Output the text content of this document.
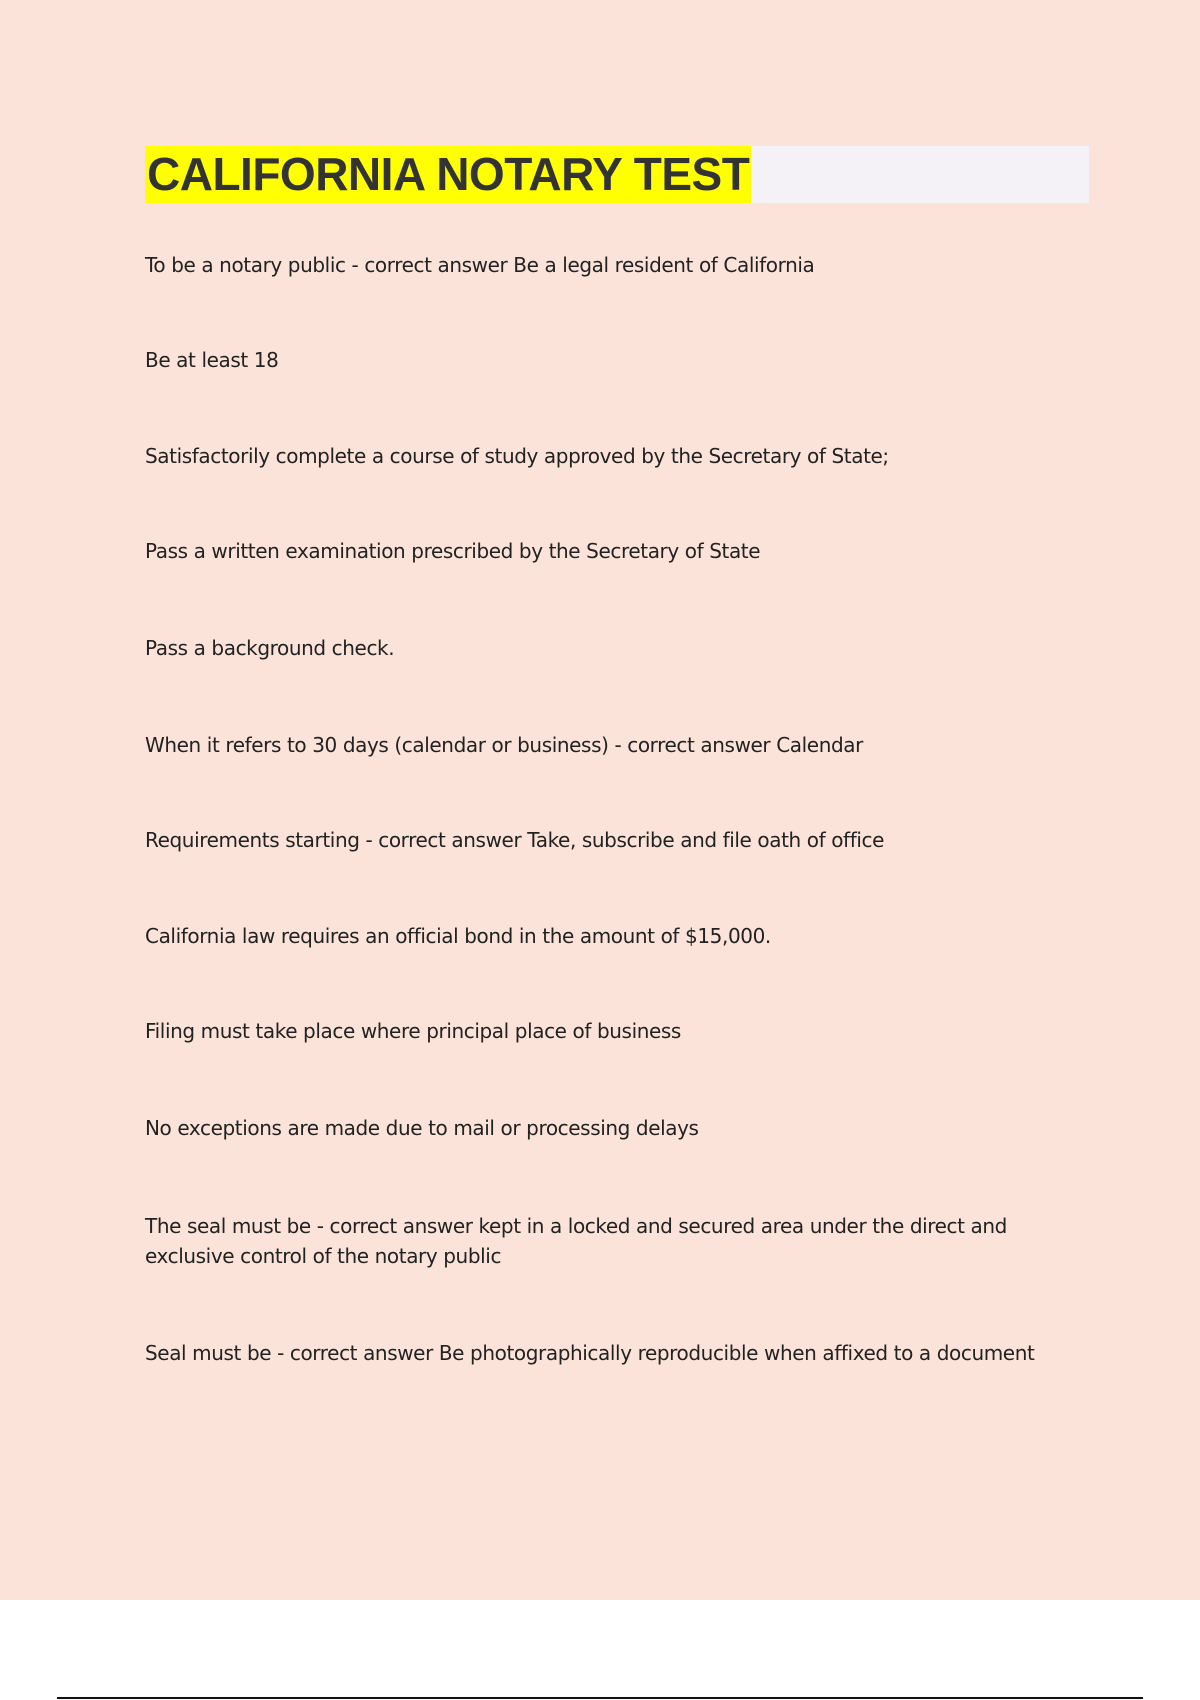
CALIFORNIA NOTARY TEST

To be a notary public - correct answer Be a legal resident of California

Be at least 18

Satisfactorily complete a course of study approved by the Secretary of State;

Pass a written examination prescribed by the Secretary of State

Pass a background check.

When it refers to 30 days (calendar or business) - correct answer Calendar

Requirements starting - correct answer Take, subscribe and file oath of office

California law requires an official bond in the amount of $15,000.

Filing must take place where principal place of business

No exceptions are made due to mail or processing delays

The seal must be - correct answer kept in a locked and secured area under the direct and exclusive control of the notary public

Seal must be - correct answer Be photographically reproducible when affixed to a document
